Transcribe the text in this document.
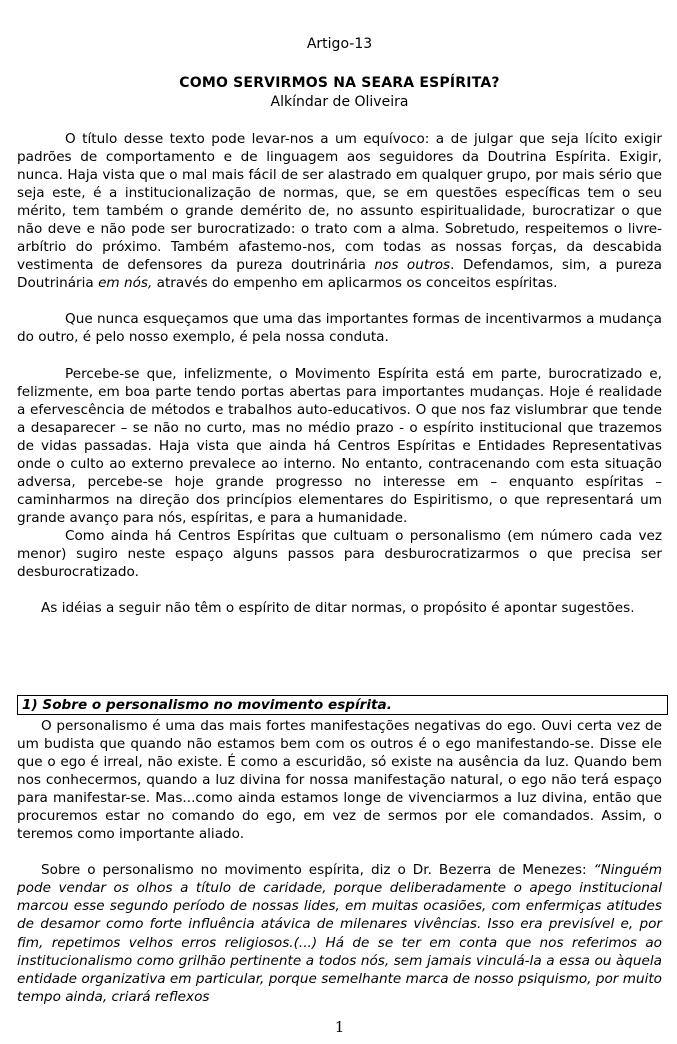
Artigo-13
COMO SERVIRMOS NA SEARA ESPÍRITA?
Alkíndar de Oliveira

O título desse texto pode levar-nos a um equívoco: a de julgar que seja lícito exigir padrões de comportamento e de linguagem aos seguidores da Doutrina Espírita. Exigir, nunca. Haja vista que o mal mais fácil de ser alastrado em qualquer grupo, por mais sério que seja este, é a institucionalização de normas, que, se em questões específicas tem o seu mérito, tem também o grande demérito de, no assunto espiritualidade, burocratizar o que não deve e não pode ser burocratizado: o trato com a alma. Sobretudo, respeitemos o livre-arbítrio do próximo. Também afastemo-nos, com todas as nossas forças, da descabida vestimenta de defensores da pureza doutrinária nos outros. Defendamos, sim, a pureza Doutrinária em nós, através do empenho em aplicarmos os conceitos espíritas.

Que nunca esqueçamos que uma das importantes formas de incentivarmos a mudança do outro, é pelo nosso exemplo, é pela nossa conduta.

Percebe-se que, infelizmente, o Movimento Espírita está em parte, burocratizado e, felizmente, em boa parte tendo portas abertas para importantes mudanças. Hoje é realidade a efervescência de métodos e trabalhos auto-educativos. O que nos faz vislumbrar que tende a desaparecer – se não no curto, mas no médio prazo - o espírito institucional que trazemos de vidas passadas. Haja vista que ainda há Centros Espíritas e Entidades Representativas onde o culto ao externo prevalece ao interno. No entanto, contracenando com esta situação adversa, percebe-se hoje grande progresso no interesse em – enquanto espíritas – caminharmos na direção dos princípios elementares do Espiritismo, o que representará um grande avanço para nós, espíritas, e para a humanidade.

Como ainda há Centros Espíritas que cultuam o personalismo (em número cada vez menor) sugiro neste espaço alguns passos para desburocratizarmos o que precisa ser desburocratizado.

As idéias a seguir não têm o espírito de ditar normas, o propósito é apontar sugestões.

1) Sobre o personalismo no movimento espírita.

O personalismo é uma das mais fortes manifestações negativas do ego. Ouvi certa vez de um budista que quando não estamos bem com os outros é o ego manifestando-se. Disse ele que o ego é irreal, não existe. É como a escuridão, só existe na ausência da luz. Quando bem nos conhecermos, quando a luz divina for nossa manifestação natural, o ego não terá espaço para manifestar-se. Mas...como ainda estamos longe de vivenciarmos a luz divina, então que procuremos estar no comando do ego, em vez de sermos por ele comandados. Assim, o teremos como importante aliado.

Sobre o personalismo no movimento espírita, diz o Dr. Bezerra de Menezes: “Ninguém pode vendar os olhos a título de caridade, porque deliberadamente o apego institucional marcou esse segundo período de nossas lides, em muitas ocasiões, com enfermiças atitudes de desamor como forte influência atávica de milenares vivências. Isso era previsível e, por fim, repetimos velhos erros religiosos.(...) Há de se ter em conta que nos referimos ao institucionalismo como grilhão pertinente a todos nós, sem jamais vinculá-la a essa ou àquela entidade organizativa em particular, porque semelhante marca de nosso psiquismo, por muito tempo ainda, criará reflexos

1
